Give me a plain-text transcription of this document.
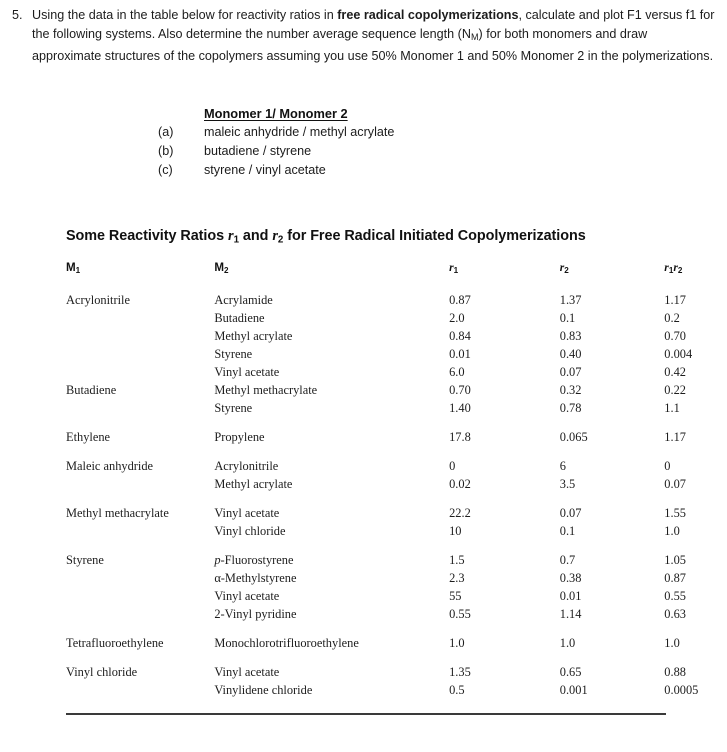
5. Using the data in the table below for reactivity ratios in free radical copolymerizations, calculate and plot F1 versus f1 for the following systems. Also determine the number average sequence length $(N_M)$ for both monomers and draw approximate structures of the copolymers assuming you use 50% Monomer 1 and 50% Monomer 2 in the polymerizations.
Monomer 1/ Monomer 2
(a)	maleic anhydride / methyl acrylate
(b)	butadiene / styrene
(c)	styrene / vinyl acetate
Some Reactivity Ratios $r_1$ and $r_2$ for Free Radical Initiated Copolymerizations
$M_1$	$M_2$	$r_1$	$r_2$	$r_1r_2$
Acrylonitrile	Acrylamide	0.87	1.37	1.17
	Butadiene	2.0	0.1	0.2
	Methyl acrylate	0.84	0.83	0.70
	Styrene	0.01	0.40	0.004
	Vinyl acetate	6.0	0.07	0.42
Butadiene	Methyl methacrylate	0.70	0.32	0.22
	Styrene	1.40	0.78	1.1
Ethylene	Propylene	17.8	0.065	1.17
Maleic anhydride	Acrylonitrile	0	6	0
	Methyl acrylate	0.02	3.5	0.07
Methyl methacrylate	Vinyl acetate	22.2	0.07	1.55
	Vinyl chloride	10	0.1	1.0
Styrene	p-Fluorostyrene	1.5	0.7	1.05
	α-Methylstyrene	2.3	0.38	0.87
	Vinyl acetate	55	0.01	0.55
	2-Vinyl pyridine	0.55	1.14	0.63
Tetrafluoroethylene	Monochlorotrifluoroethylene	1.0	1.0	1.0
Vinyl chloride	Vinyl acetate	1.35	0.65	0.88
	Vinylidene chloride	0.5	0.001	0.0005
